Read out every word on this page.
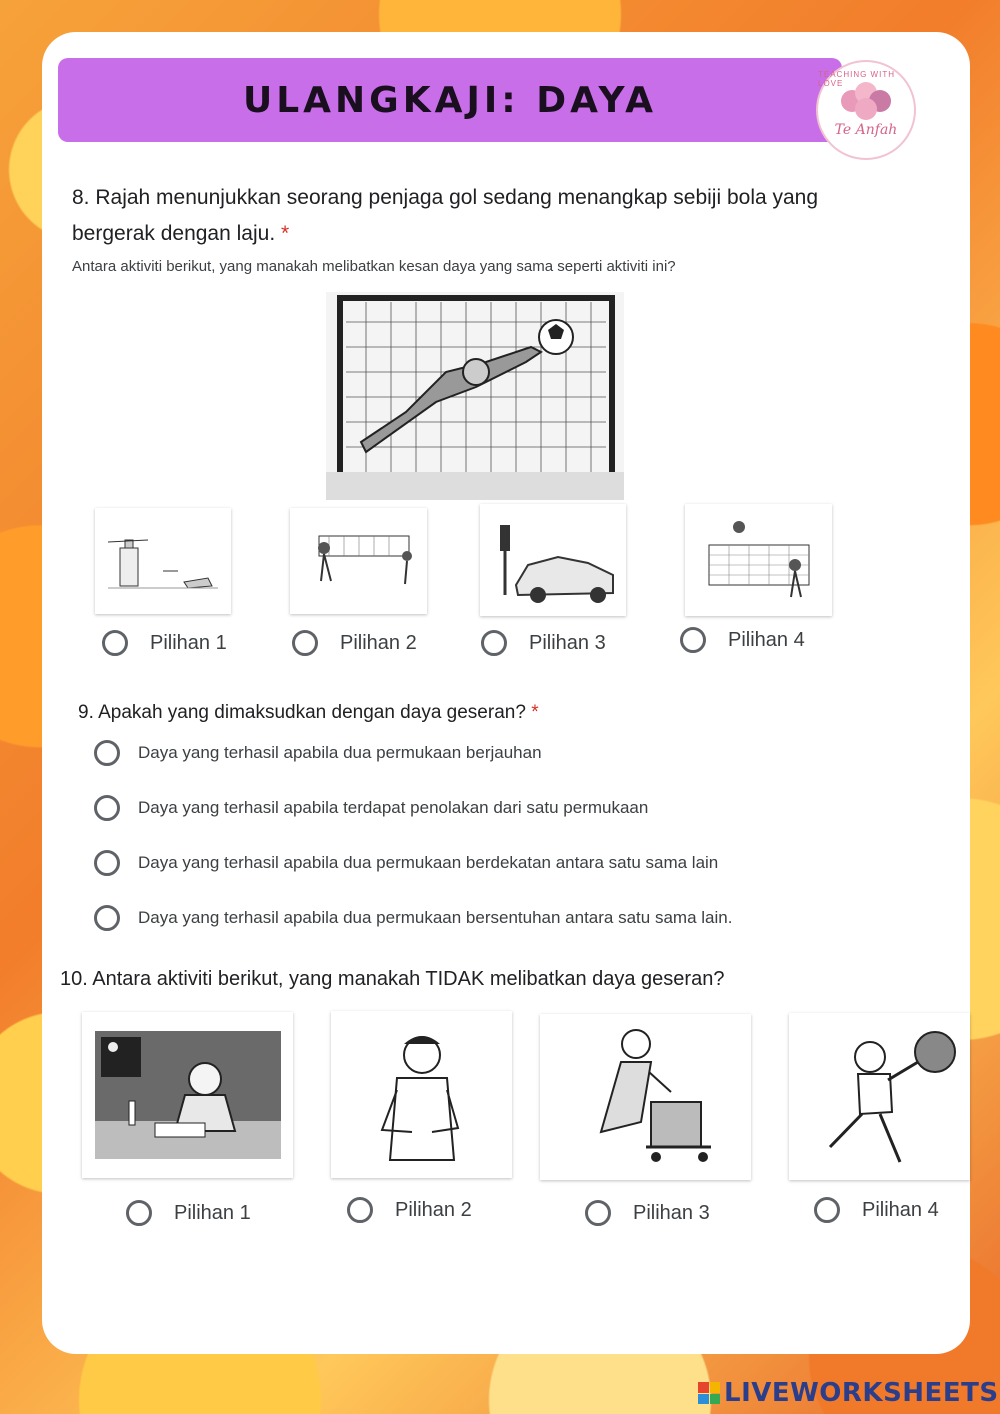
ULANGKAJI: DAYA
TEACHING WITH LOVE
Te Anfah
8. Rajah menunjukkan seorang penjaga gol sedang menangkap sebiji bola yang bergerak dengan laju. *
Antara aktiviti berikut, yang manakah melibatkan kesan daya yang sama seperti aktiviti ini?
Pilihan 1	Pilihan 2	Pilihan 3	Pilihan 4
9. Apakah yang dimaksudkan dengan daya geseran? *
Daya yang terhasil apabila dua permukaan berjauhan
Daya yang terhasil apabila terdapat penolakan dari satu permukaan
Daya yang terhasil apabila dua permukaan berdekatan antara satu sama lain
Daya yang terhasil apabila dua permukaan bersentuhan antara satu sama lain.
10. Antara aktiviti berikut, yang manakah TIDAK melibatkan daya geseran?
Pilihan 1	Pilihan 2	Pilihan 3	Pilihan 4
LIVEWORKSHEETS
